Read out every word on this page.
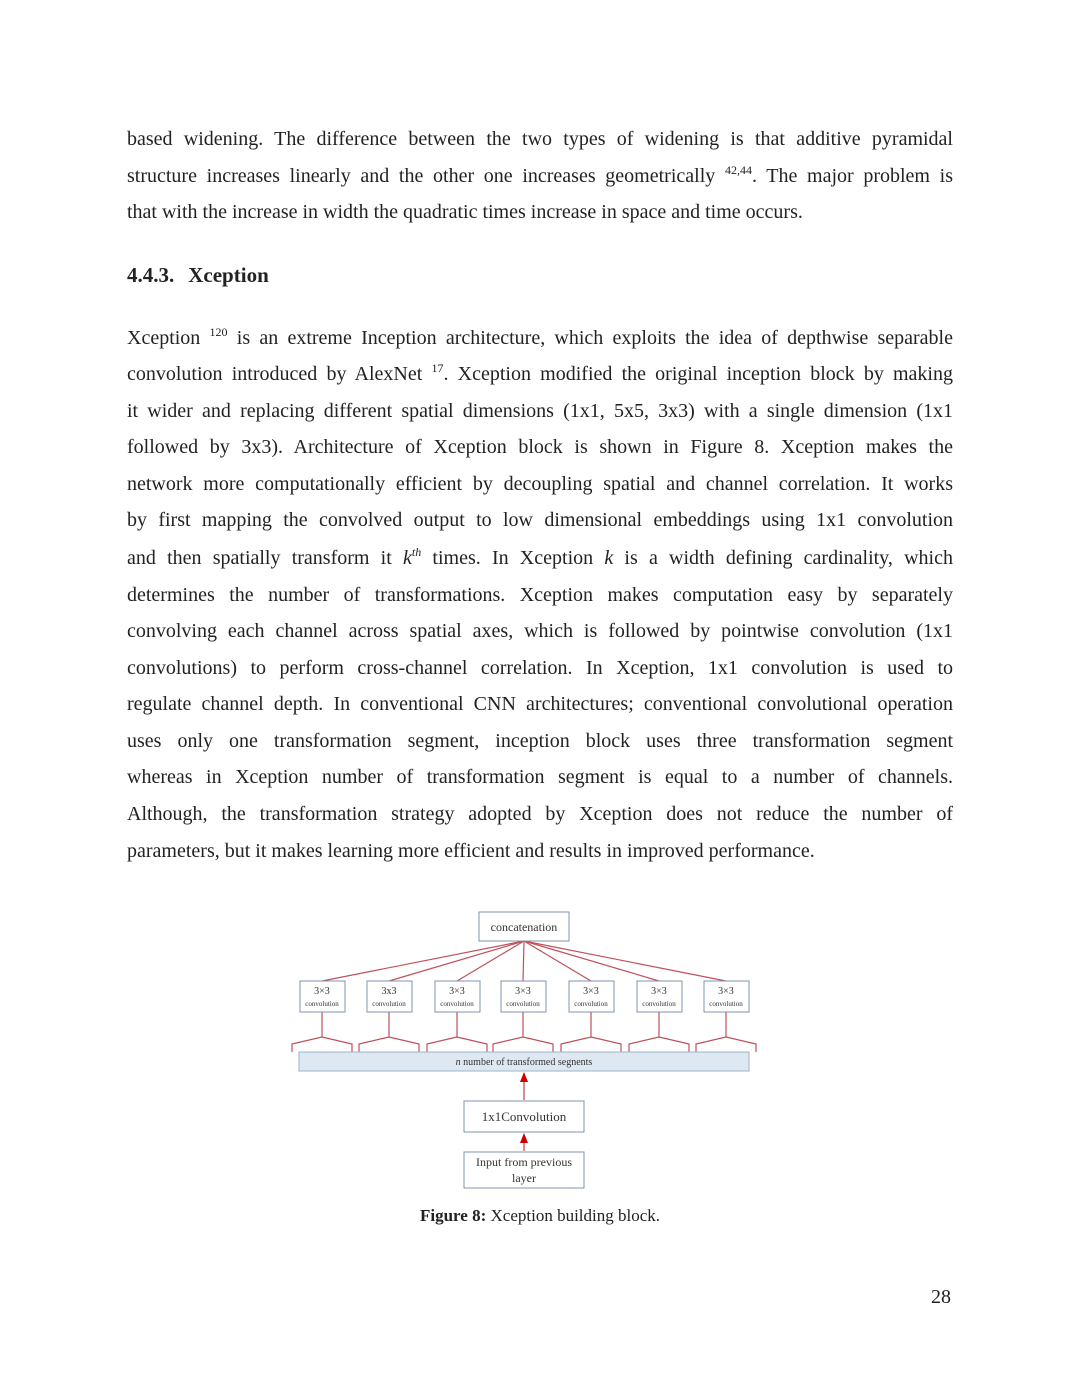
based widening. The difference between the two types of widening is that additive pyramidal
structure increases linearly and the other one increases geometrically $^{42,44}$. The major problem is
that with the increase in width the quadratic times increase in space and time occurs.
4.4.3. Xception
Xception $^{120}$ is an extreme Inception architecture, which exploits the idea of depthwise separable
convolution introduced by AlexNet $^{17}$. Xception modified the original inception block by making
it wider and replacing different spatial dimensions (1x1, 5x5, 3x3) with a single dimension (1x1
followed by 3x3). Architecture of Xception block is shown in Figure 8. Xception makes the
network more computationally efficient by decoupling spatial and channel correlation. It works
by first mapping the convolved output to low dimensional embeddings using 1x1 convolution
and then spatially transform it $k^{th}$ times. In Xception k is a width defining cardinality, which
determines the number of transformations. Xception makes computation easy by separately
convolving each channel across spatial axes, which is followed by pointwise convolution (1x1
convolutions) to perform cross-channel correlation. In Xception, 1x1 convolution is used to
regulate channel depth. In conventional CNN architectures; conventional convolutional operation
uses only one transformation segment, inception block uses three transformation segment
whereas in Xception number of transformation segment is equal to a number of channels.
Although, the transformation strategy adopted by Xception does not reduce the number of
parameters, but it makes learning more efficient and results in improved performance.
concatenation
3×3
convolution
3x3
convolution
3×3
convolution
3×3
convolution
3×3
convolution
3×3
convolution
3×3
convolution
n number of transformed segnents
1x1Convolution
Input from previous
layer
Figure 8: Xception building block.
28
